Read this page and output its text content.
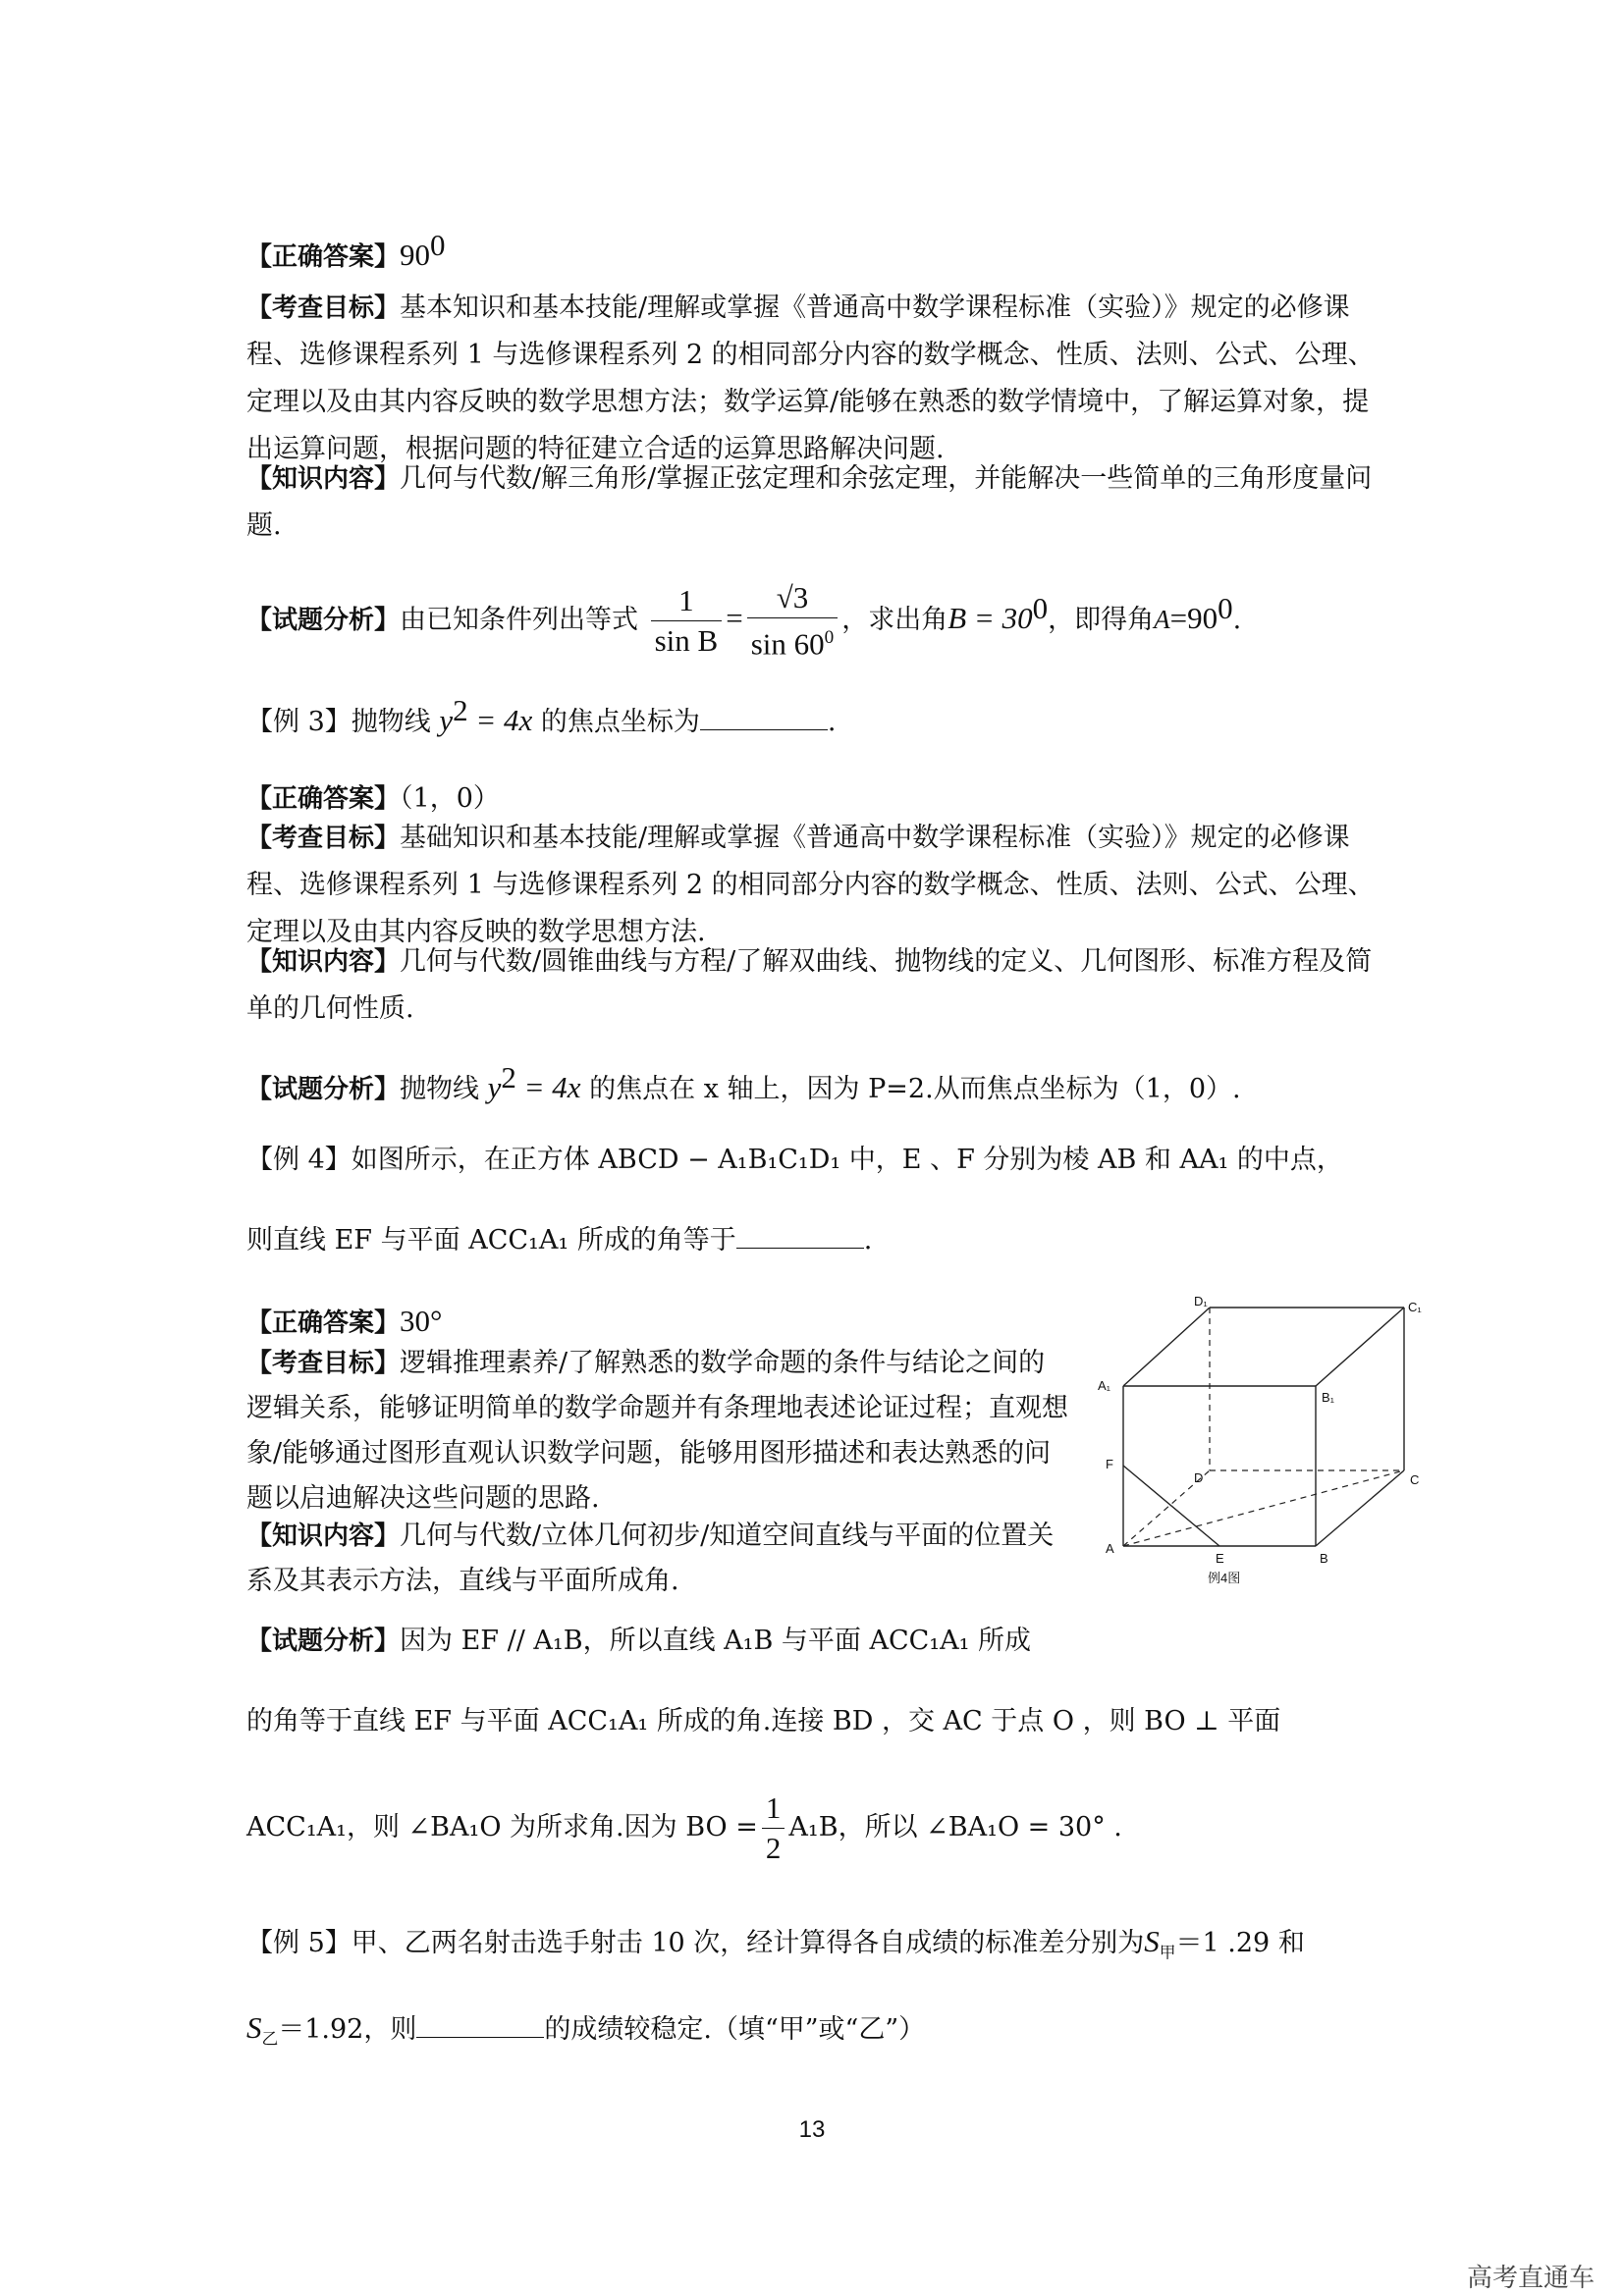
【正确答案】$90^0$
【考查目标】基本知识和基本技能/理解或掌握《普通高中数学课程标准（实验）》规定的必修课程、选修课程系列 1 与选修课程系列 2 的相同部分内容的数学概念、性质、法则、公式、公理、定理以及由其内容反映的数学思想方法；数学运算/能够在熟悉的数学情境中，了解运算对象，提出运算问题，根据问题的特征建立合适的运算思路解决问题.
【知识内容】几何与代数/解三角形/掌握正弦定理和余弦定理，并能解决一些简单的三角形度量问题.
【试题分析】由已知条件列出等式 $\frac{1}{\text{sin B}} = \frac{√3}{\sin 60^0}$ ，求出角$B = 30^0$，即得角$A=90^0$.
【例 3】抛物线 $y^2 = 4x$ 的焦点坐标为	.
【正确答案】（1，0）
【考查目标】基础知识和基本技能/理解或掌握《普通高中数学课程标准（实验）》规定的必修课程、选修课程系列 1 与选修课程系列 2 的相同部分内容的数学概念、性质、法则、公式、公理、定理以及由其内容反映的数学思想方法.
【知识内容】几何与代数/圆锥曲线与方程/了解双曲线、抛物线的定义、几何图形、标准方程及简单的几何性质.
【试题分析】抛物线 $y^2 = 4x$ 的焦点在 x 轴上，因为 P=2.从而焦点坐标为（1，0）.
【例 4】如图所示，在正方体 ABCD − A₁B₁C₁D₁ 中，E 、F 分别为棱 AB 和 AA₁ 的中点，
则直线 EF 与平面 ACC₁A₁ 所成的角等于	.
【正确答案】30°
【考查目标】逻辑推理素养/了解熟悉的数学命题的条件与结论之间的逻辑关系，能够证明简单的数学命题并有条理地表述论证过程；直观想象/能够通过图形直观认识数学问题，能够用图形描述和表达熟悉的问题以启迪解决这些问题的思路.
【知识内容】几何与代数/立体几何初步/知道空间直线与平面的位置关系及其表示方法，直线与平面所成角.
【试题分析】因为 EF // A₁B，所以直线 A₁B 与平面 ACC₁A₁ 所成
的角等于直线 EF 与平面 ACC₁A₁ 所成的角.连接 BD ，交 AC 于点 O ，则 BO ⊥ 平面
ACC₁A₁，则 ∠BA₁O 为所求角.因为 BO = $\frac{1}{2} A_1B$，所以 ∠BA₁O = 30° .
D₁	C₁
A₁
B₁
F
D	C
A
E	B
例4图
【例 5】甲、乙两名射击选手射击 10 次，经计算得各自成绩的标准差分别为$S_甲=1$ .29 和
$S_乙=1.92$，则	的成绩较稳定.（填“甲”或“乙”）
13
高考直通车
